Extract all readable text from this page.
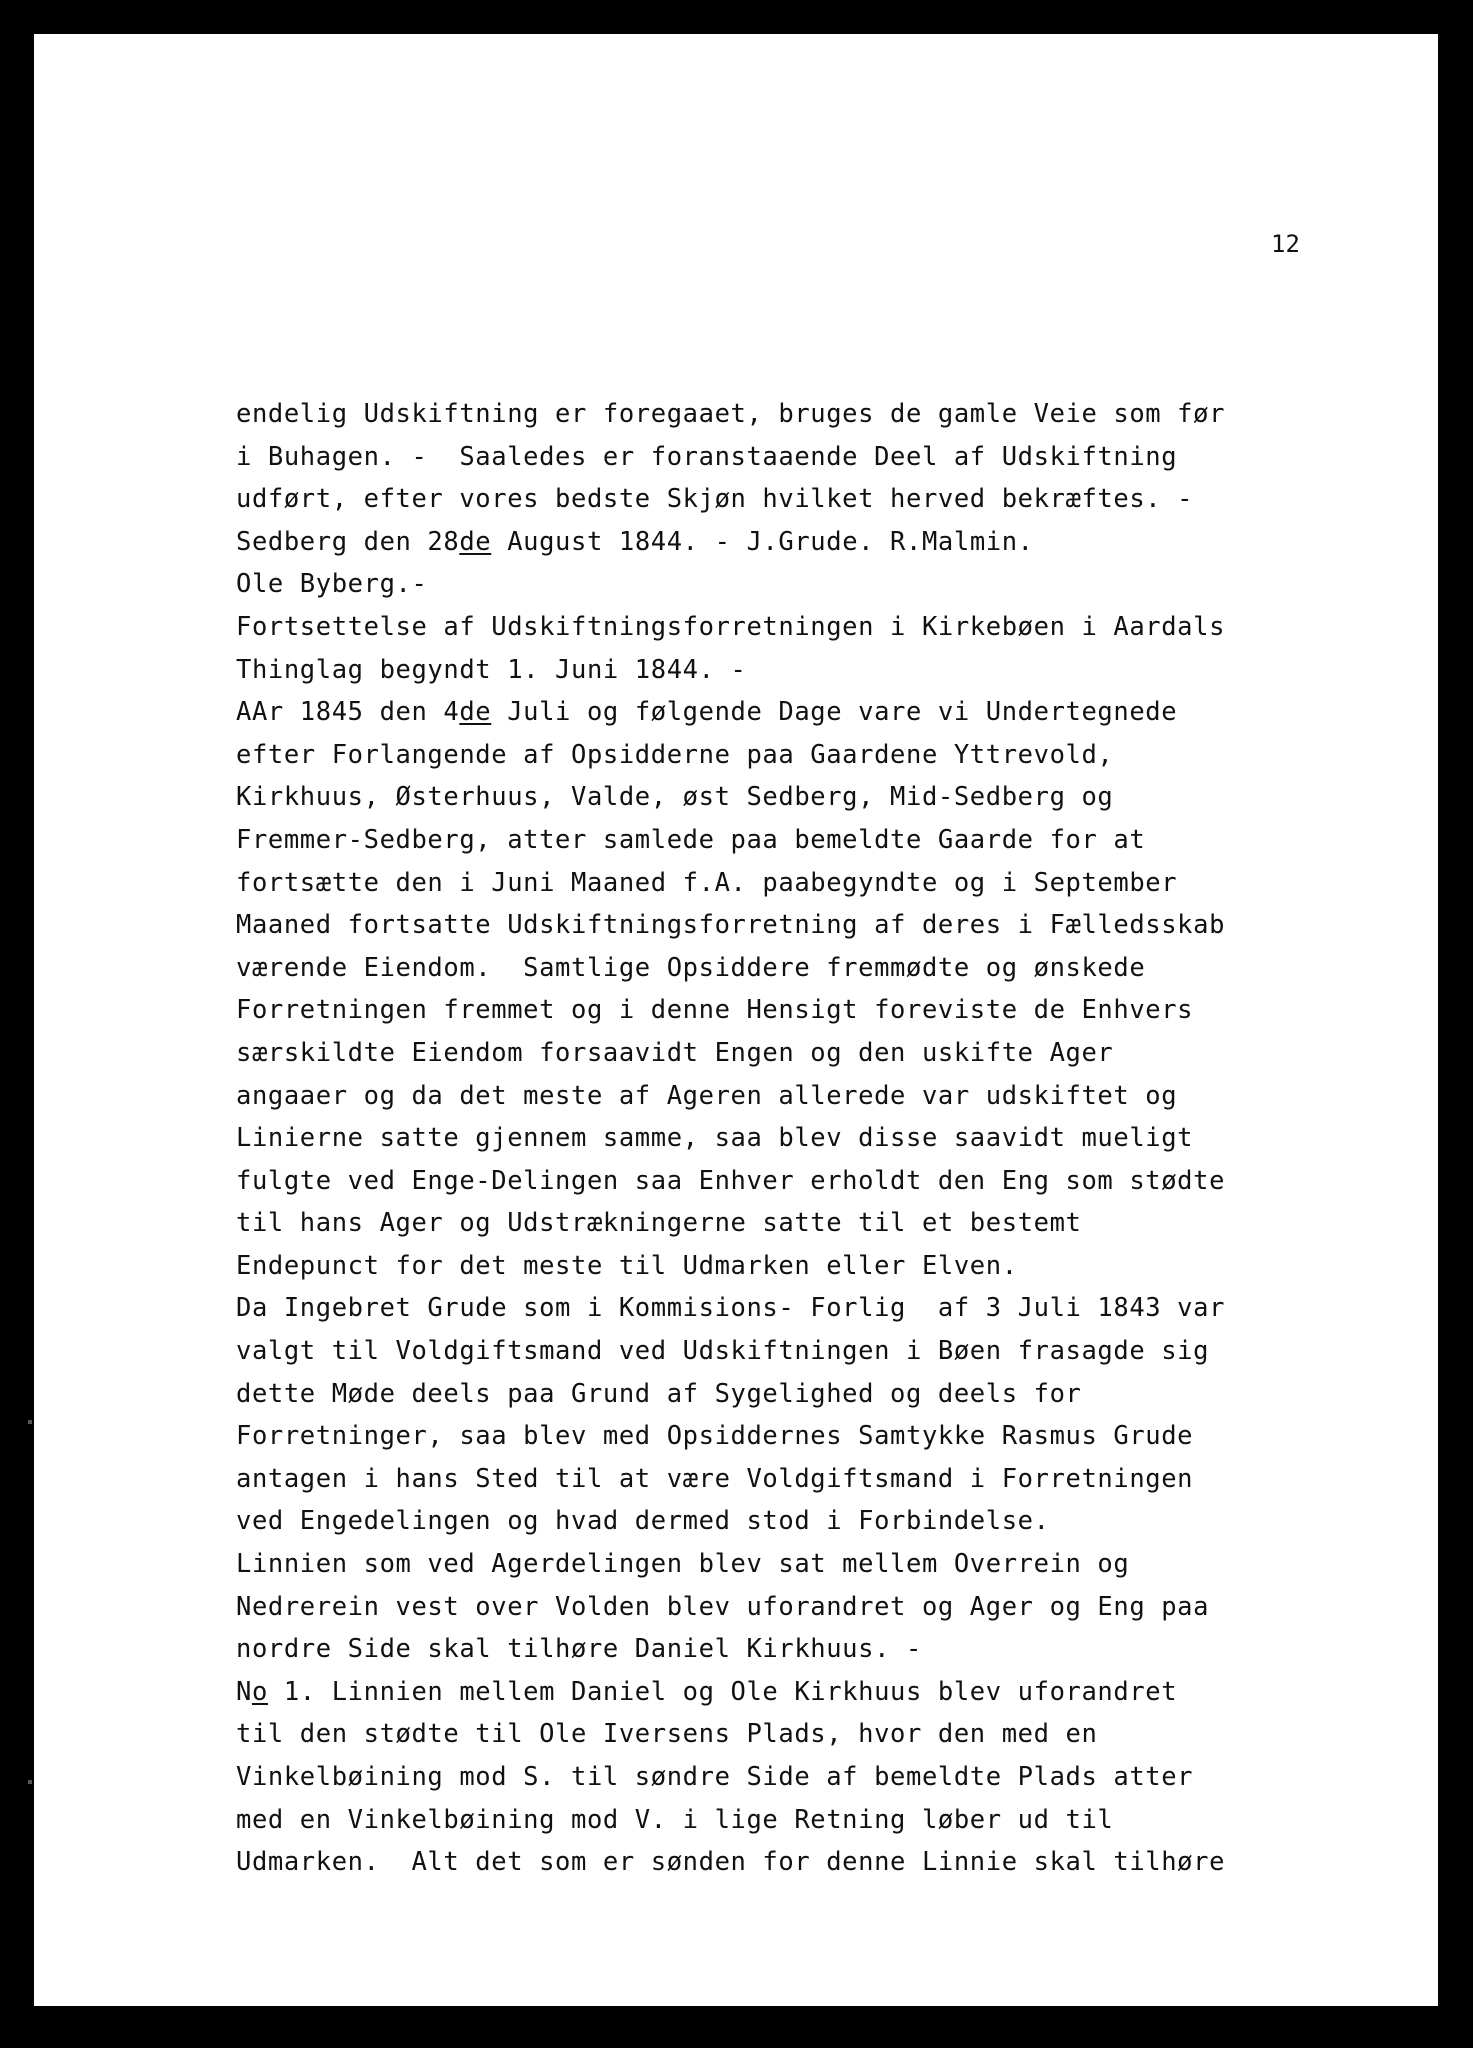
12

endelig Udskiftning er foregaaet, bruges de gamle Veie som før
i Buhagen. -  Saaledes er foranstaaende Deel af Udskiftning
udført, efter vores bedste Skjøn hvilket herved bekræftes. -
Sedberg den 28de August 1844. - J.Grude. R.Malmin.
Ole Byberg.-
Fortsettelse af Udskiftningsforretningen i Kirkebøen i Aardals
Thinglag begyndt 1. Juni 1844. -
AAr 1845 den 4de Juli og følgende Dage vare vi Undertegnede
efter Forlangende af Opsidderne paa Gaardene Yttrevold,
Kirkhuus, Østerhuus, Valde, øst Sedberg, Mid-Sedberg og
Fremmer-Sedberg, atter samlede paa bemeldte Gaarde for at
fortsætte den i Juni Maaned f.A. paabegyndte og i September
Maaned fortsatte Udskiftningsforretning af deres i Fælledsskab
værende Eiendom.  Samtlige Opsiddere fremmødte og ønskede
Forretningen fremmet og i denne Hensigt foreviste de Enhvers
særskildte Eiendom forsaavidt Engen og den uskifte Ager
angaaer og da det meste af Ageren allerede var udskiftet og
Linierne satte gjennem samme, saa blev disse saavidt mueligt
fulgte ved Enge-Delingen saa Enhver erholdt den Eng som stødte
til hans Ager og Udstrækningerne satte til et bestemt
Endepunct for det meste til Udmarken eller Elven.
Da Ingebret Grude som i Kommisions- Forlig  af 3 Juli 1843 var
valgt til Voldgiftsmand ved Udskiftningen i Bøen frasagde sig
dette Møde deels paa Grund af Sygelighed og deels for
Forretninger, saa blev med Opsiddernes Samtykke Rasmus Grude
antagen i hans Sted til at være Voldgiftsmand i Forretningen
ved Engedelingen og hvad dermed stod i Forbindelse.
Linnien som ved Agerdelingen blev sat mellem Overrein og
Nedrerein vest over Volden blev uforandret og Ager og Eng paa
nordre Side skal tilhøre Daniel Kirkhuus. -
No 1. Linnien mellem Daniel og Ole Kirkhuus blev uforandret
til den stødte til Ole Iversens Plads, hvor den med en
Vinkelbøining mod S. til søndre Side af bemeldte Plads atter
med en Vinkelbøining mod V. i lige Retning løber ud til
Udmarken.  Alt det som er sønden for denne Linnie skal tilhøre
